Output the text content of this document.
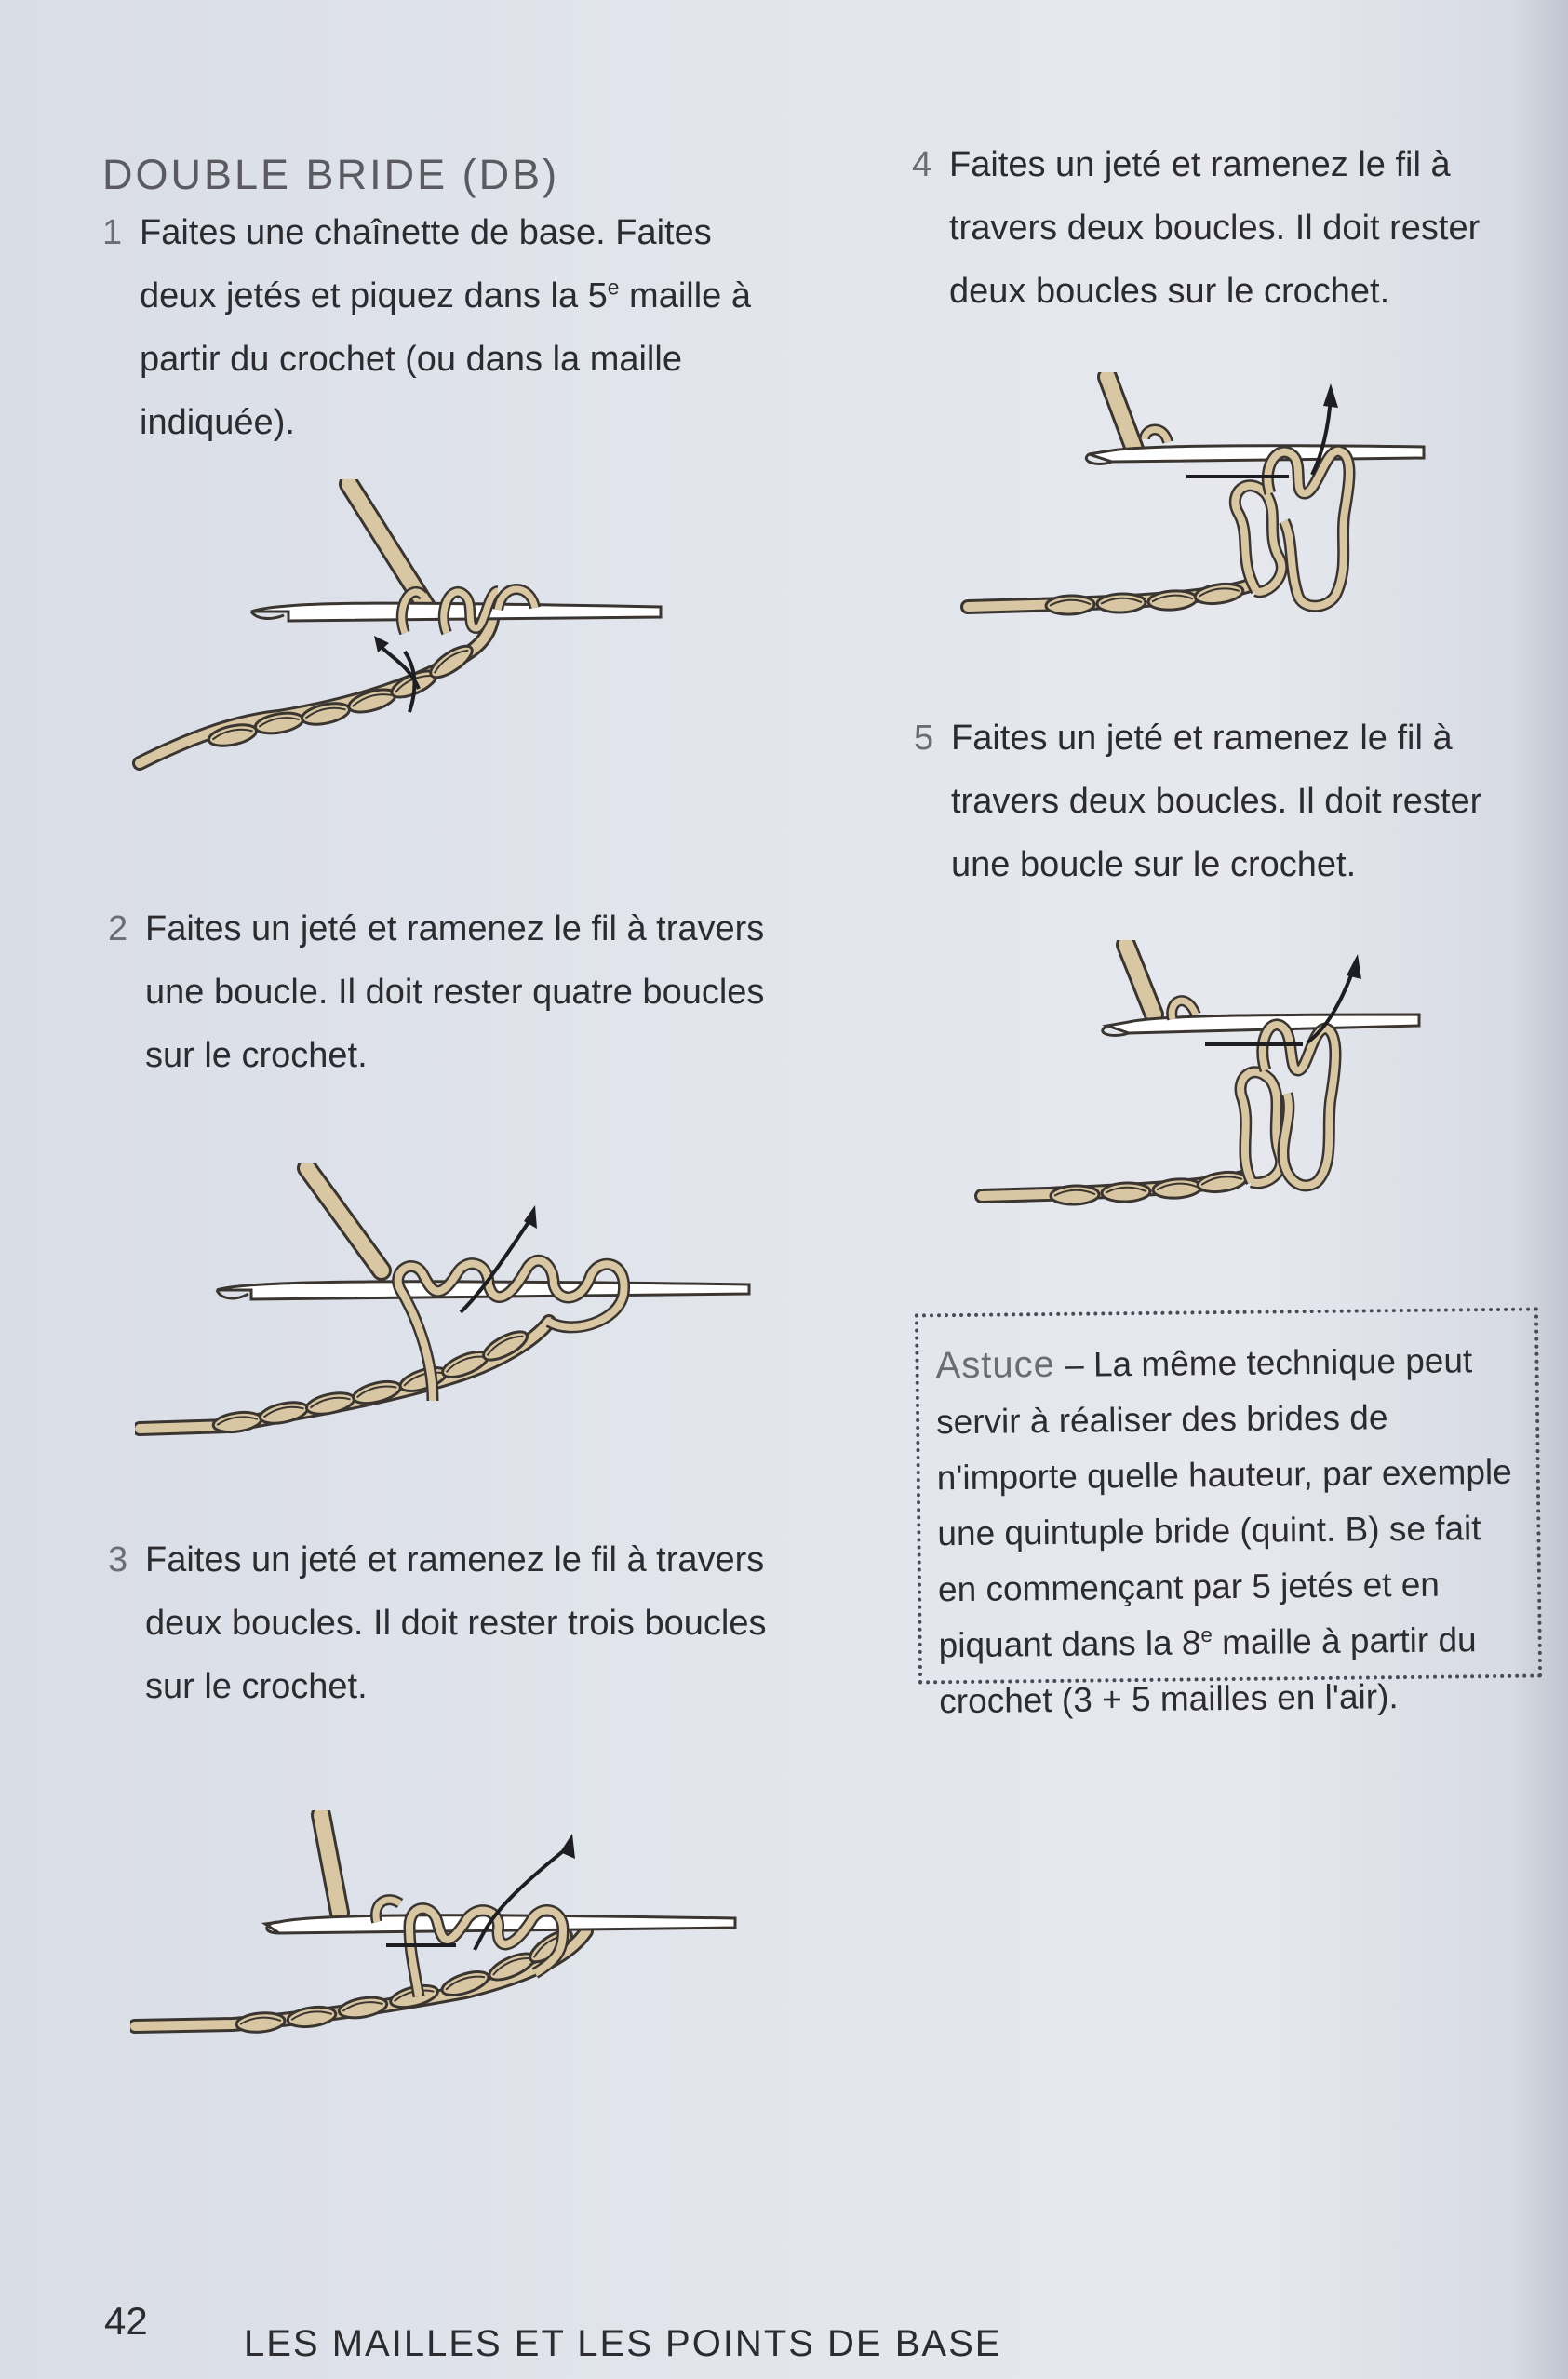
DOUBLE BRIDE (DB)
1 Faites une chaînette de base. Faites deux jetés et piquez dans la 5e maille à partir du crochet (ou dans la maille indiquée).
2 Faites un jeté et ramenez le fil à travers une boucle. Il doit rester quatre boucles sur le crochet.
3 Faites un jeté et ramenez le fil à travers deux boucles. Il doit rester trois boucles sur le crochet.
4 Faites un jeté et ramenez le fil à travers deux boucles. Il doit rester deux boucles sur le crochet.
5 Faites un jeté et ramenez le fil à travers deux boucles. Il doit rester une boucle sur le crochet.
Astuce – La même technique peut servir à réaliser des brides de n'importe quelle hauteur, par exemple une quintuple bride (quint. B) se fait en commençant par 5 jetés et en piquant dans la 8e maille à partir du crochet (3 + 5 mailles en l'air).
42
LES MAILLES ET LES POINTS DE BASE
